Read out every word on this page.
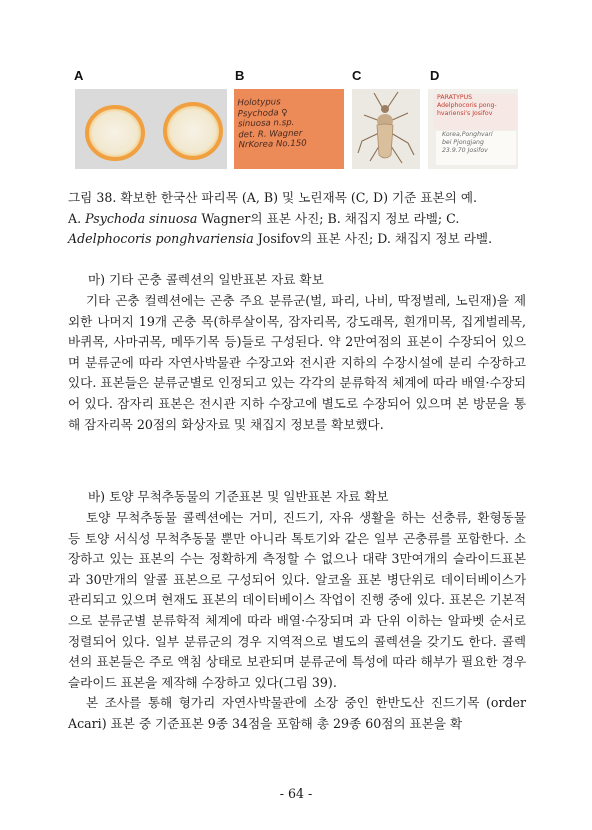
A	B	C	D
Holotypus
Psychoda ♀
sinuosa n.sp.
det. R. Wagner
NrKorea No.150
PARATYPUS
Adelphocoris pong-
hvariensi's Josifov
Korea,Ponghvari
bei Pjongjang
23.9.70 Josifov

그림 38. 확보한 한국산 파리목 (A, B) 및 노린재목 (C, D) 기준 표본의 예.

A. Psychoda sinuosa Wagner의 표본 사진; B. 채집지 정보 라벨; C.

Adelphocoris ponghvariensia Josifov의 표본 사진; D. 채집지 정보 라벨.

마) 기타 곤충 콜렉션의 일반표본 자료 확보

기타 곤충 컬렉션에는 곤충 주요 분류군(벌, 파리, 나비, 딱정벌레, 노린재)을 제외한 나머지 19개 곤충 목(하루살이목, 잠자리목, 강도래목, 흰개미목, 집게벌레목, 바퀴목, 사마귀목, 메뚜기목 등)들로 구성된다. 약 2만여점의 표본이 수장되어 있으며 분류군에 따라 자연사박물관 수장고와 전시관 지하의 수장시설에 분리 수장하고 있다. 표본들은 분류군별로 인정되고 있는 각각의 분류학적 체계에 따라 배열·수장되어 있다. 잠자리 표본은 전시관 지하 수장고에 별도로 수장되어 있으며 본 방문을 통해 잠자리목 20점의 화상자료 및 채집지 정보를 확보했다.

바) 토양 무척추동물의 기준표본 및 일반표본 자료 확보

토양 무척추동물 콜렉션에는 거미, 진드기, 자유 생활을 하는 선충류, 환형동물 등 토양 서식성 무척추동물 뿐만 아니라 톡토기와 같은 일부 곤충류를 포함한다. 소장하고 있는 표본의 수는 정확하게 측정할 수 없으나 대략 3만여개의 슬라이드표본과 30만개의 알콜 표본으로 구성되어 있다. 알코올 표본 병단위로 데이터베이스가 관리되고 있으며 현재도 표본의 데이터베이스 작업이 진행 중에 있다. 표본은 기본적으로 분류군별 분류학적 체계에 따라 배열·수장되며 과 단위 이하는 알파벳 순서로 정렬되어 있다. 일부 분류군의 경우 지역적으로 별도의 콜렉션을 갖기도 한다. 콜렉션의 표본들은 주로 액침 상태로 보관되며 분류군에 특성에 따라 해부가 필요한 경우 슬라이드 표본을 제작해 수장하고 있다(그림 39).

본 조사를 통해 형가리 자연사박물관에 소장 중인 한반도산 진드기목 (order Acari) 표본 중 기준표본 9종 34점을 포함해 총 29종 60점의 표본을 확

- 64 -
